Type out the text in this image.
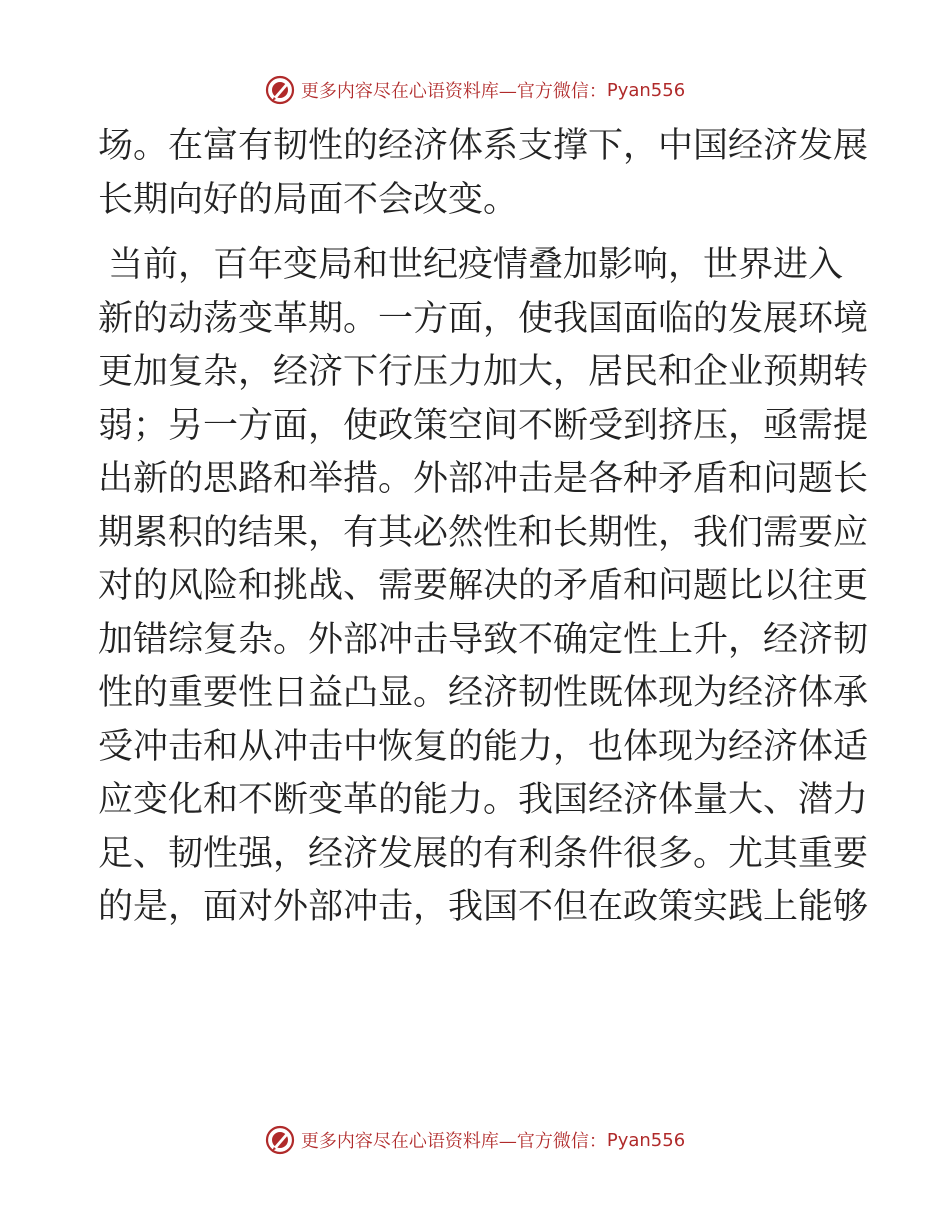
更多内容尽在心语资料库—官方微信： Pyan556

场。在富有韧性的经济体系支撑下，中国经济发展

长期向好的局面不会改变。

当前，百年变局和世纪疫情叠加影响，世界进入

新的动荡变革期。一方面，使我国面临的发展环境

更加复杂，经济下行压力加大，居民和企业预期转

弱；另一方面，使政策空间不断受到挤压，亟需提

出新的思路和举措。外部冲击是各种矛盾和问题长

期累积的结果，有其必然性和长期性，我们需要应

对的风险和挑战、需要解决的矛盾和问题比以往更

加错综复杂。外部冲击导致不确定性上升，经济韧

性的重要性日益凸显。经济韧性既体现为经济体承

受冲击和从冲击中恢复的能力，也体现为经济体适

应变化和不断变革的能力。我国经济体量大、潜力

足、韧性强，经济发展的有利条件很多。尤其重要

的是，面对外部冲击，我国不但在政策实践上能够

更多内容尽在心语资料库—官方微信： Pyan556
